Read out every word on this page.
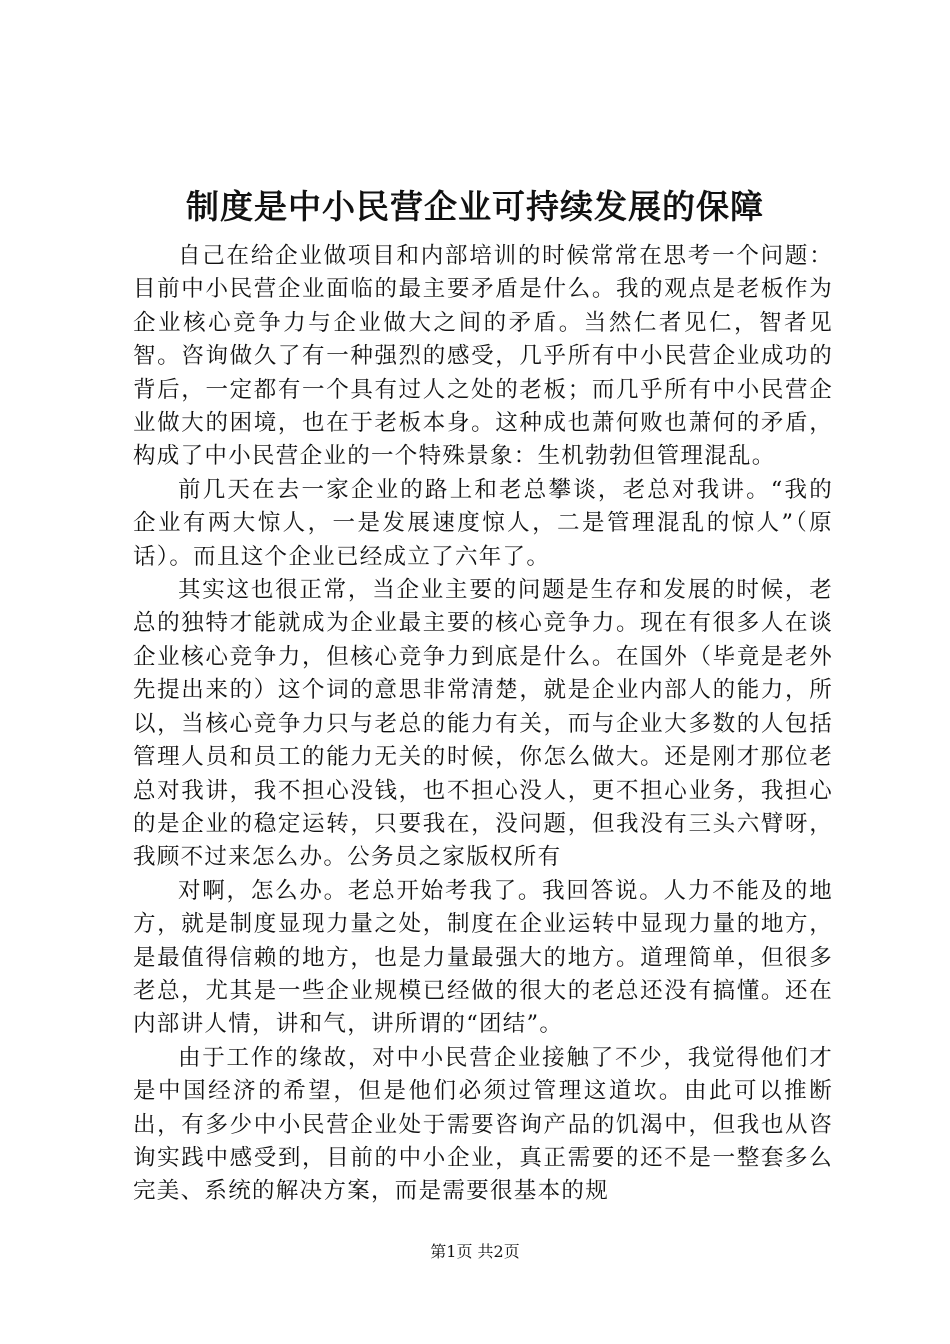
制度是中小民营企业可持续发展的保障

自己在给企业做项目和内部培训的时候常常在思考一个问题：目前中小民营企业面临的最主要矛盾是什么。我的观点是老板作为企业核心竞争力与企业做大之间的矛盾。当然仁者见仁，智者见智。咨询做久了有一种强烈的感受，几乎所有中小民营企业成功的背后，一定都有一个具有过人之处的老板；而几乎所有中小民营企业做大的困境，也在于老板本身。这种成也萧何败也萧何的矛盾，构成了中小民营企业的一个特殊景象：生机勃勃但管理混乱。

前几天在去一家企业的路上和老总攀谈，老总对我讲。“我的企业有两大惊人，一是发展速度惊人，二是管理混乱的惊人”（原话）。而且这个企业已经成立了六年了。

其实这也很正常，当企业主要的问题是生存和发展的时候，老总的独特才能就成为企业最主要的核心竞争力。现在有很多人在谈企业核心竞争力，但核心竞争力到底是什么。在国外（毕竟是老外先提出来的）这个词的意思非常清楚，就是企业内部人的能力，所以，当核心竞争力只与老总的能力有关，而与企业大多数的人包括管理人员和员工的能力无关的时候，你怎么做大。还是刚才那位老总对我讲，我不担心没钱，也不担心没人，更不担心业务，我担心的是企业的稳定运转，只要我在，没问题，但我没有三头六臂呀，我顾不过来怎么办。公务员之家版权所有

对啊，怎么办。老总开始考我了。我回答说。人力不能及的地方，就是制度显现力量之处，制度在企业运转中显现力量的地方，是最值得信赖的地方，也是力量最强大的地方。道理简单，但很多老总，尤其是一些企业规模已经做的很大的老总还没有搞懂。还在内部讲人情，讲和气，讲所谓的“团结”。

由于工作的缘故，对中小民营企业接触了不少，我觉得他们才是中国经济的希望，但是他们必须过管理这道坎。由此可以推断出，有多少中小民营企业处于需要咨询产品的饥渴中，但我也从咨询实践中感受到，目前的中小企业，真正需要的还不是一整套多么完美、系统的解决方案，而是需要很基本的规

第1页 共2页
